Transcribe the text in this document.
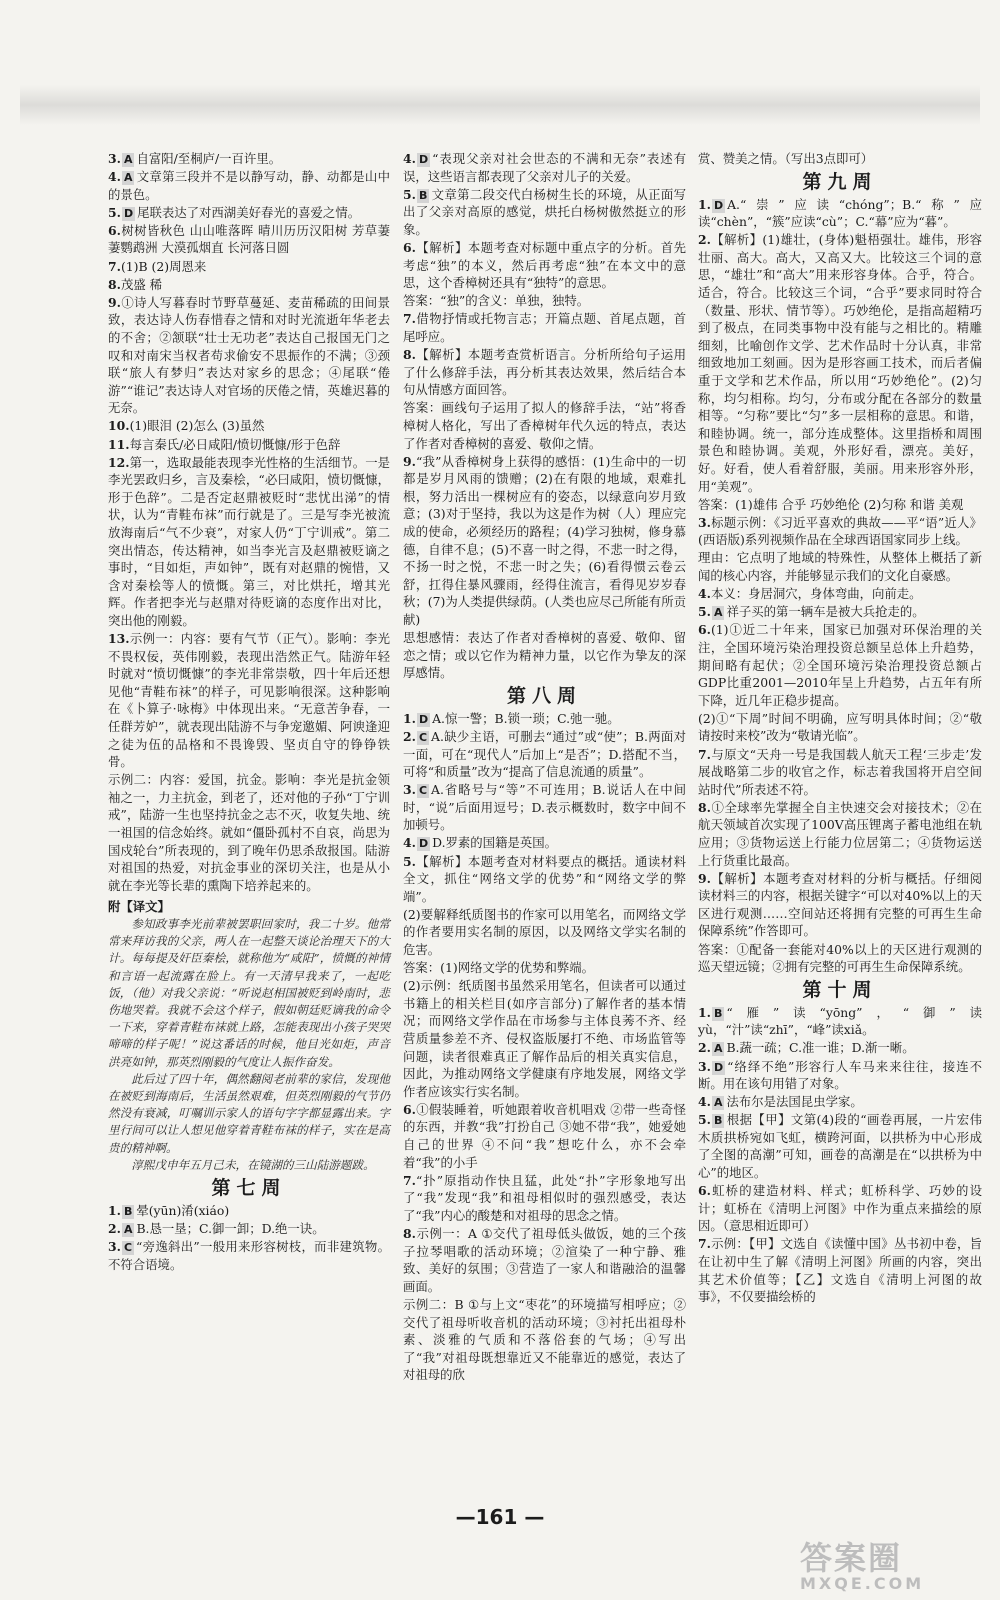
3. A 自富阳/至桐庐/一百许里。
4. A 文章第三段并不是以静写动，静、动都是山中的景色。
5. D 尾联表达了对西湖美好春光的喜爱之情。
6.树树皆秋色 山山唯落晖 晴川历历汉阳树 芳草萋萋鹦鹉洲 大漠孤烟直 长河落日圆
7.(1)B (2)周恩来
8.茂盛 稀
9.①诗人写暮春时节野草蔓延、麦苗稀疏的田间景致，表达诗人伤春惜春之情和对时光流逝年华老去的不舍；②颔联“壮士无功老”表达自己报国无门之叹和对南宋当权者苟求偷安不思振作的不满；③颈联“旅人有梦归”表达对家乡的思念；④尾联“倦游”“谁记”表达诗人对官场的厌倦之情，英雄迟暮的无奈。
10.(1)眼泪 (2)怎么 (3)虽然
11.每言秦氏/必日咸阳/愤切慨慷/形于色辞
12.第一，选取最能表现李光性格的生活细节。一是李光罢政归乡，言及秦桧，“必曰咸阳，愤切慨慷，形于色辞”。二是否定赵鼎被贬时“悲忧出涕”的情状，认为“青鞋布袜”而行就是了。三是写李光被流放海南后“气不少衰”，对家人仍“丁宁训戒”。第二突出情态，传达精神，如当李光言及赵鼎被贬谪之事时，“目如炬，声如钟”，既有对赵鼎的惋惜，又含对秦桧等人的愤慨。第三，对比烘托，增其光辉。作者把李光与赵鼎对待贬谪的态度作出对比，突出他的刚毅。
13.示例一：内容：要有气节（正气）。影响：李光不畏权佞，英伟刚毅，表现出浩然正气。陆游年轻时就对“愤切慨慷”的李光非常崇敬，四十年后还想见他“青鞋布袜”的样子，可见影响很深。这种影响在《卜算子·咏梅》中体现出来。“无意苦争春，一任群芳妒”，就表现出陆游不与争宠邀媚、阿谀逢迎之徒为伍的品格和不畏谗毁、坚贞自守的铮铮铁骨。
示例二：内容：爱国，抗金。影响：李光是抗金领袖之一，力主抗金，到老了，还对他的子孙“丁宁训戒”，陆游一生也坚持抗金之志不灭，收复失地、统一祖国的信念始终。就如“僵卧孤村不自哀，尚思为国戍轮台”所表现的，到了晚年仍思杀敌报国。陆游对祖国的热爱，对抗金事业的深切关注，也是从小就在李光等长辈的熏陶下培养起来的。
附【译文】

参知政事李光前辈被罢职回家时，我二十岁。他常常来拜访我的父亲，两人在一起整天谈论治理天下的大计。每每提及奸臣秦桧，就称他为“咸阳”，愤慨的神情和言语一起流露在脸上。有一天清早我来了，一起吃饭，（他）对我父亲说：“听说赵相国被贬到岭南时，悲伤地哭着。我就不会这个样子，假如朝廷贬谪我的命令一下来，穿着青鞋布袜就上路，怎能表现出小孩子哭哭啼啼的样子呢！”说这番话的时候，他目光如炬，声音洪亮如钟，那英烈刚毅的气度让人振作奋发。

此后过了四十年，偶然翻阅老前辈的家信，发现他在被贬到海南后，生活虽然艰难，但英烈刚毅的气节仍然没有衰减，叮嘱训示家人的语句字字都显露出来。字里行间可以让人想见他穿着青鞋布袜的样子，实在是高贵的精神啊。

淳熙戊申年五月己未，在镜湖的三山陆游题跋。

第七周
1. B 晕(yūn)淆(xiáo)
2. A B.恳一垦；C.御一卸；D.绝一诀。
3. C “旁逸斜出”一般用来形容树枝，而非建筑物。不符合语境。
4. D “表现父亲对社会世态的不满和无奈”表述有误，这些语言都表现了父亲对儿子的关爱。
5. B 文章第二段交代白杨树生长的环境，从正面写出了父亲对高原的感觉，烘托白杨树傲然挺立的形象。
6.【解析】本题考查对标题中重点字的分析。首先考虑“独”的本义，然后再考虑“独”在本文中的意思，这个香樟树还具有“独特”的意思。
答案：“独”的含义：单独，独特。
7.借物抒情或托物言志；开篇点题、首尾点题，首尾呼应。
8.【解析】本题考查赏析语言。分析所给句子运用了什么修辞手法，再分析其表达效果，然后结合本句从情感方面回答。
答案：画线句子运用了拟人的修辞手法，“站”将香樟树人格化，写出了香樟树年代久远的特点，表达了作者对香樟树的喜爱、敬仰之情。
9.“我”从香樟树身上获得的感悟：(1)生命中的一切都是岁月风雨的馈赠；(2)在有限的地域，艰难扎根，努力活出一棵树应有的姿态，以绿意向岁月致意；(3)对于坚持，我以为这是作为树（人）理应完成的使命，必须经历的路程；(4)学习独树，修身慕德，自律不息；(5)不喜一时之得，不悲一时之得，不扬一时之悦，不悲一时之失；(6)看得惯云卷云舒，扛得住暴风骤雨，经得住流言，看得见岁岁春秋；(7)为人类提供绿荫。(人类也应尽己所能有所贡献)
思想感情：表达了作者对香樟树的喜爱、敬仰、留恋之情；或以它作为精神力量，以它作为挚友的深厚感情。
第八周
1. D A.惊一警；B.锁一琐；C.弛一驰。
2. C A.缺少主语，可删去“通过”或“使”；B.两面对一面，可在“现代人”后加上“是否”；D.搭配不当，可将“和质量”改为“提高了信息流通的质量”。
3. C A.省略号与“等”不可连用；B.说话人在中间时，“说”后面用逗号；D.表示概数时，数字中间不加顿号。
4. D D.罗素的国籍是英国。
5.【解析】本题考查对材料要点的概括。通读材料全文，抓住“网络文学的优势”和“网络文学的弊端”。
(2)要解释纸质图书的作家可以用笔名，而网络文学的作者要用实名制的原因，以及网络文学实名制的危害。
答案：(1)网络文学的优势和弊端。
(2)示例：纸质图书虽然采用笔名，但读者可以通过书籍上的相关栏目(如序言部分)了解作者的基本情况；而网络文学作品在市场参与主体良莠不齐、经营质量参差不齐、侵权盗版屡打不绝、市场监管等问题，读者很难真正了解作品后的相关真实信息，因此，为推动网络文学健康有序地发展，网络文学作者应该实行实名制。
6.①假装睡着，听她跟着收音机唱戏 ②带一些奇怪的东西，并教“我”打扮自己 ③她不带“我”，她爱她自己的世界 ④不问“我”想吃什么，亦不会牵着“我”的小手
7.“扑”原指动作快且猛，此处“扑”字形象地写出了“我”发现“我”和祖母相似时的强烈感受，表达了“我”内心的酸楚和对祖母的思念之情。
8.示例一：A ①交代了祖母低头做饭，她的三个孩子拉琴唱歌的活动环境；②渲染了一种宁静、雅致、美好的氛围；③营造了一家人和谐融洽的温馨画面。
示例二：B ①与上文“枣花”的环境描写相呼应；②交代了祖母听收音机的活动环境；③衬托出祖母朴素、淡雅的气质和不落俗套的气场；④写出了“我”对祖母既想靠近又不能靠近的感觉，表达了对祖母的欣
赏、赞美之情。（写出3点即可）
第九周
1. D A.“崇”应读“chóng”；B.“称”应读“chèn”，“簇”应读“cù”；C.“幕”应为“暮”。
2.【解析】(1)雄壮，(身体)魁梧强壮。雄伟，形容壮丽、高大。高大，又高又大。比较这三个词的意思，“雄壮”和“高大”用来形容身体。合乎，符合。适合，符合。比较这三个词，“合乎”要求同时符合（数量、形状、情节等）。巧妙绝伦，是指高超精巧到了极点，在同类事物中没有能与之相比的。精雕细刻，比喻创作文学、艺术作品时十分认真，非常细致地加工刻画。因为是形容画工技术，而后者偏重于文学和艺术作品，所以用“巧妙绝伦”。(2)匀称，均匀相称。均匀，分布或分配在各部分的数量相等。“匀称”要比“匀”多一层相称的意思。和谐，和睦协调。统一，部分连成整体。这里指桥和周围景色和睦协调。美观，外形好看，漂亮。美好，好。好看，使人看着舒服，美丽。用来形容外形，用“美观”。
答案：(1)雄伟 合乎 巧妙绝伦 (2)匀称 和谐 美观
3.标题示例：《习近平喜欢的典故——平“语”近人》(西语版)系列视频作品在全球西语国家同步上线。
理由：它点明了地域的特殊性，从整体上概括了新闻的核心内容，并能够显示我们的文化自豪感。
4.本义：身居洞穴，身体弯曲，向前走。
5. A 祥子买的第一辆车是被大兵抢走的。
6.(1)①近二十年来，国家已加强对环保治理的关注，全国环境污染治理投资总额呈总体上升趋势，期间略有起伏；②全国环境污染治理投资总额占GDP比重2001—2010年呈上升趋势，占五年有所下降，近几年正稳步提高。
(2)①“下周”时间不明确，应写明具体时间；②“敬请按时来校”改为“敬请光临”。
7.与原文“天舟一号是我国载人航天工程‘三步走’发展战略第二步的收官之作，标志着我国将开启空间站时代”所表述不符。
8.①全球率先掌握全自主快速交会对接技术；②在航天领域首次实现了100V高压锂离子蓄电池组在轨应用；③货物运送上行能力位居第二；④货物运送上行货重比最高。
9.【解析】本题考查对材料的分析与概括。仔细阅读材料三的内容，根据关键字“可以对40%以上的天区进行观测……空间站还将拥有完整的可再生生命保障系统”作答即可。
答案：①配备一套能对40%以上的天区进行观测的巡天望远镜；②拥有完整的可再生生命保障系统。
第十周
1. B “雁”读“yōng”，“御”读yù，“汁”读“zhī”，“峰”读xiǎ。
2. A B.蔬一疏；C.准一谁；D.渐一晰。
3. D “络绎不绝”形容行人车马来来往往，接连不断。用在该句用错了对象。
4. A 法布尔是法国昆虫学家。
5. B 根据【甲】文第(4)段的“画卷再展，一片宏伟木质拱桥宛如飞虹，横跨河面，以拱桥为中心形成了全图的高潮”可知，画卷的高潮是在“以拱桥为中心”的地区。
6.虹桥的建造材料、样式；虹桥科学、巧妙的设计；虹桥在《清明上河图》中作为重点来描绘的原因。（意思相近即可）
7.示例：【甲】文选自《读懂中国》丛书初中卷，旨在让初中生了解《清明上河图》所画的内容，突出其艺术价值等；【乙】文选自《清明上河图的故事》，不仅要描绘桥的
—161 —
答案圈
MXQE.COM
